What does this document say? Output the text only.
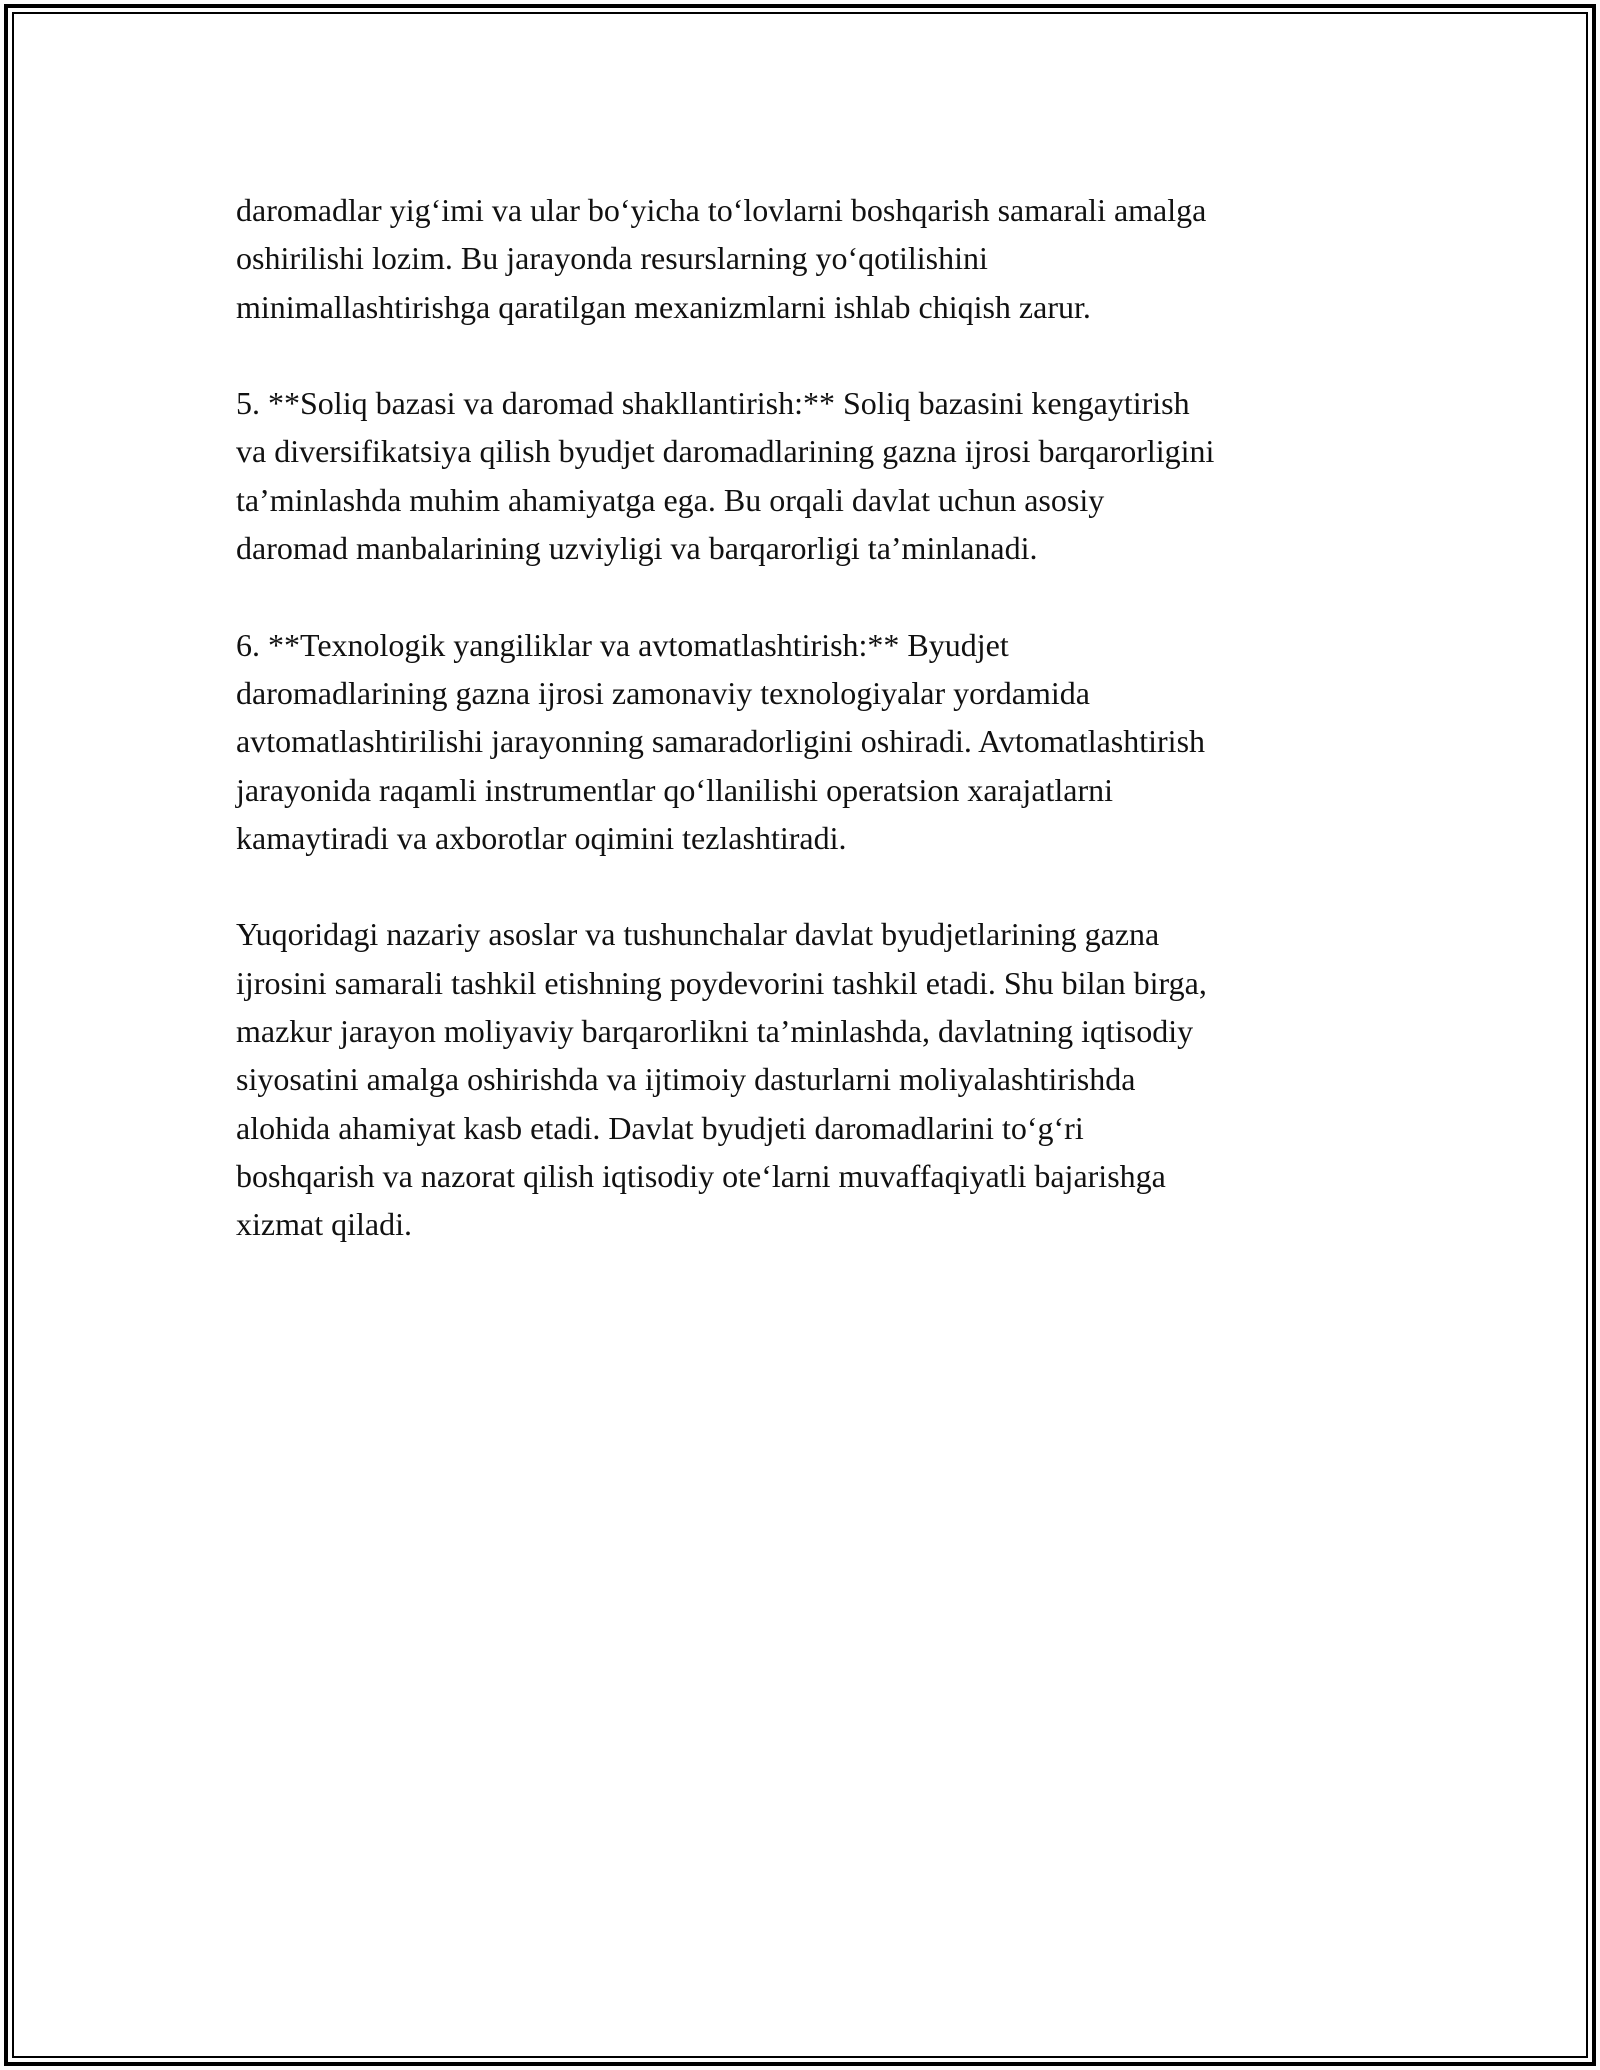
daromadlar yig‘imi va ular bo‘yicha to‘lovlarni boshqarish samarali amalga
oshirilishi lozim. Bu jarayonda resurslarning yo‘qotilishini
minimallashtirishga qaratilgan mexanizmlarni ishlab chiqish zarur.

5. **Soliq bazasi va daromad shakllantirish:** Soliq bazasini kengaytirish
va diversifikatsiya qilish byudjet daromadlarining gazna ijrosi barqarorligini
ta’minlashda muhim ahamiyatga ega. Bu orqali davlat uchun asosiy
daromad manbalarining uzviyligi va barqarorligi ta’minlanadi.

6. **Texnologik yangiliklar va avtomatlashtirish:** Byudjet
daromadlarining gazna ijrosi zamonaviy texnologiyalar yordamida
avtomatlashtirilishi jarayonning samaradorligini oshiradi. Avtomatlashtirish
jarayonida raqamli instrumentlar qo‘llanilishi operatsion xarajatlarni
kamaytiradi va axborotlar oqimini tezlashtiradi.

Yuqoridagi nazariy asoslar va tushunchalar davlat byudjetlarining gazna
ijrosini samarali tashkil etishning poydevorini tashkil etadi. Shu bilan birga,
mazkur jarayon moliyaviy barqarorlikni ta’minlashda, davlatning iqtisodiy
siyosatini amalga oshirishda va ijtimoiy dasturlarni moliyalashtirishda
alohida ahamiyat kasb etadi. Davlat byudjeti daromadlarini to‘g‘ri
boshqarish va nazorat qilish iqtisodiy ote‘larni muvaffaqiyatli bajarishga
xizmat qiladi.
